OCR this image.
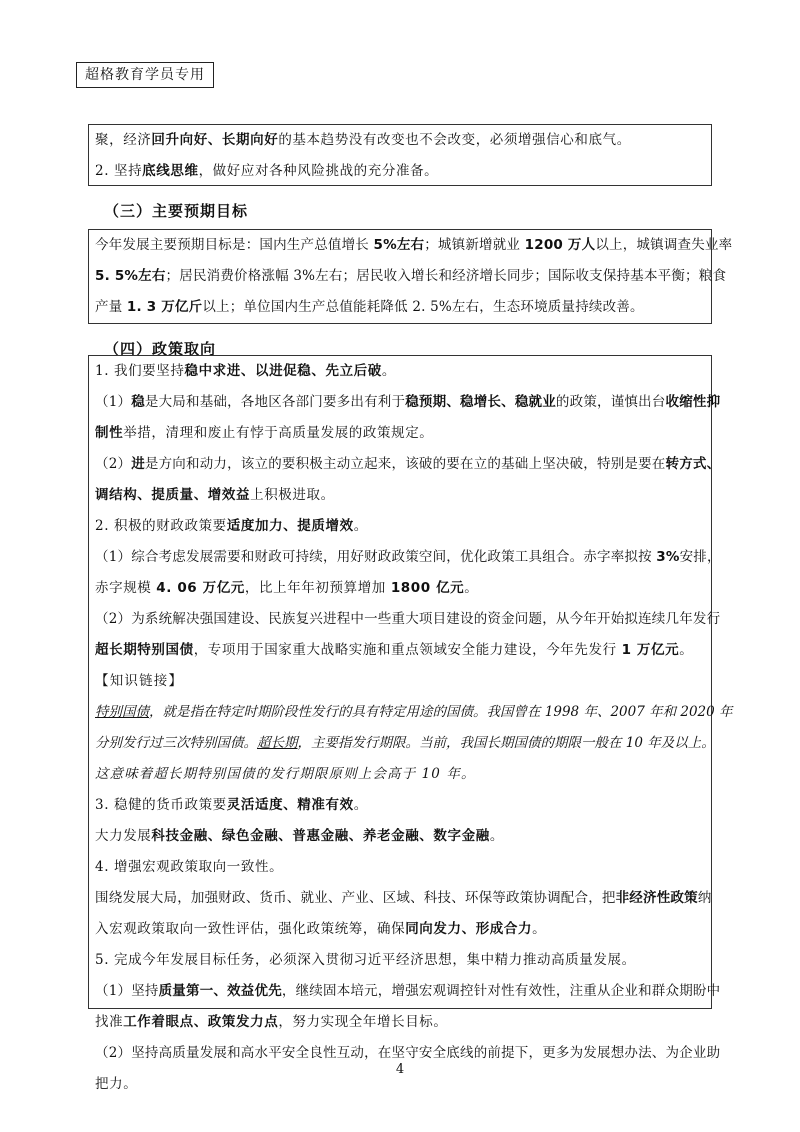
超格教育学员专用
聚，经济回升向好、长期向好的基本趋势没有改变也不会改变，必须增强信心和底气。
2. 坚持底线思维，做好应对各种风险挑战的充分准备。
（三）主要预期目标
今年发展主要预期目标是：国内生产总值增长 5%左右；城镇新增就业 1200 万人以上，城镇调查失业率
5. 5%左右；居民消费价格涨幅 3%左右；居民收入增长和经济增长同步；国际收支保持基本平衡；粮食
产量 1. 3 万亿斤以上；单位国内生产总值能耗降低 2. 5%左右，生态环境质量持续改善。
（四）政策取向
1. 我们要坚持稳中求进、以进促稳、先立后破。
（1）稳是大局和基础，各地区各部门要多出有利于稳预期、稳增长、稳就业的政策，谨慎出台收缩性抑
制性举措，清理和废止有悖于高质量发展的政策规定。
（2）进是方向和动力，该立的要积极主动立起来，该破的要在立的基础上坚决破，特别是要在转方式、
调结构、提质量、增效益上积极进取。
2. 积极的财政政策要适度加力、提质增效。
（1）综合考虑发展需要和财政可持续，用好财政政策空间，优化政策工具组合。赤字率拟按 3%安排，
赤字规模 4. 06 万亿元，比上年年初预算增加 1800 亿元。
（2）为系统解决强国建设、民族复兴进程中一些重大项目建设的资金问题，从今年开始拟连续几年发行
超长期特别国债，专项用于国家重大战略实施和重点领域安全能力建设，今年先发行 1 万亿元。
【知识链接】
特别国债，就是指在特定时期阶段性发行的具有特定用途的国债。我国曾在 1998 年、2007 年和 2020 年
分别发行过三次特别国债。超长期，主要指发行期限。当前，我国长期国债的期限一般在 10 年及以上。
这意味着超长期特别国债的发行期限原则上会高于 10 年。
3. 稳健的货币政策要灵活适度、精准有效。
大力发展科技金融、绿色金融、普惠金融、养老金融、数字金融。
4. 增强宏观政策取向一致性。
围绕发展大局，加强财政、货币、就业、产业、区域、科技、环保等政策协调配合，把非经济性政策纳
入宏观政策取向一致性评估，强化政策统筹，确保同向发力、形成合力。
5. 完成今年发展目标任务，必须深入贯彻习近平经济思想，集中精力推动高质量发展。
（1）坚持质量第一、效益优先，继续固本培元，增强宏观调控针对性有效性，注重从企业和群众期盼中
找准工作着眼点、政策发力点，努力实现全年增长目标。
（2）坚持高质量发展和高水平安全良性互动，在坚守安全底线的前提下，更多为发展想办法、为企业助
把力。
4
